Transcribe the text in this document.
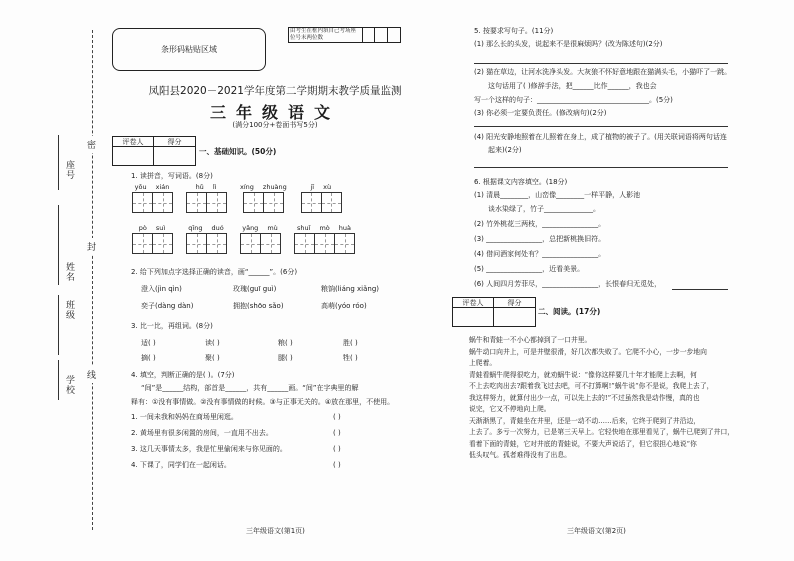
座号
姓名
班级
学校
密
封
线
条形码粘贴区域
由考生在框内填自己考场座位号末两位数
凤阳县2020－2021学年度第二学期期末教学质量监测
三年级语文
(满分100分+卷面书写5分)
评卷人	得分
一、基础知识。(50分)
1. 读拼音，写词语。(8分)
yōu xián	hǔ lì	xíng zhuàng	jī xù
pò suì	qīng duó	yǎng mù	shuǐ mò huà
2. 给下列加点字选择正确的读音，画“______”。(6分)
澄入(jìn qìn)	玫瑰(guī guì)	粮饷(liáng xiǎng)
奕子(dàng dàn)	拥抱(shōo sǎo)	高萌(yóo róo)
3. 比一比，再组词。(8分)
适( )	读( )	粮( )	胜( )
摘( )	聚( )	腿( )	牲( )
4. 填空，判断正确的是( )。(7分)
“间”是______结构，部首是______，共有______画。“间”在字典里的解
释有：①没有事情做。②没有事情做的时候。③与正事无关的。④放在那里，不使用。
1. 一间未我和妈妈在商场里闲逛。	( )
2. 黄场里有很多闲置的房间，一直用不出去。	( )
3. 这几天事情太多，我是忙里偷闲来与你见面的。	( )
4. 下课了，同学们在一起闲话。	( )
三年级语文(第1页)
5. 按要求写句子。(11分)
(1) 那么长的头发，说起来不是很麻烦吗？(改为陈述句)(2分)
(2) 猫在草边，让河水洗净头发。大灰狼不怀好意地跟在猫满头毛，小猫吓了一跳。
这句话用了( )修辞手法，把______比作______，我也会
写一个这样的句子：________________________________。(5分)
(3) 你必须一定要负责任。(修改病句)(2分)
(4) 阳光安静地照着在儿照着在身上，成了植物的被子了。(用关联词语将两句话连
起来)(2分)
6. 根据课文内容填空。(18分)
(1) 清晨________，山峦像________一样平静，人影池
谈水染绿了，竹子______________。
(2) 竹外桃花三两枝，________________。
(3) ________________，总把新桃换旧符。
(4) 借问酒家何处有？________________。
(5) ________________，近看美景。
(6) 人间四月芳菲尽，________________，长恨春归无觅处，
评卷人	得分
二、阅读。(17分)
蜗牛和青蛙一不小心都掉到了一口井里。
蜗牛动口向井上，可是井壁很滑，好几次都失败了。它爬不小心，一步一步地向
上爬着。
青蛙看蜗牛爬得很吃力，就劝蜗牛说：“像你这样要几十年才能爬上去啊，何
不上去吃肉出去?跟着我飞过去吧，可不打算啊!”蜗牛说“你不是说，我爬上去了，
我这样努力，就算付出少一点，可以先上去的!”不过虽然我是动作慢，真的也
说完，它又不停地向上爬。
天渐渐黑了，青蛙坐在井里，还是一动不动……后来，它终于爬到了井沿边，
上去了。多亏一次努力，已是第三天早上。它轻快地在那里看见了，蜗牛已爬到了井口，
看着下面的青蛙，它对井底的青蛙说，不要大声说话了，但它很担心地说“你
低头叹气。孤者难得没有了出息。
三年级语文(第2页)
